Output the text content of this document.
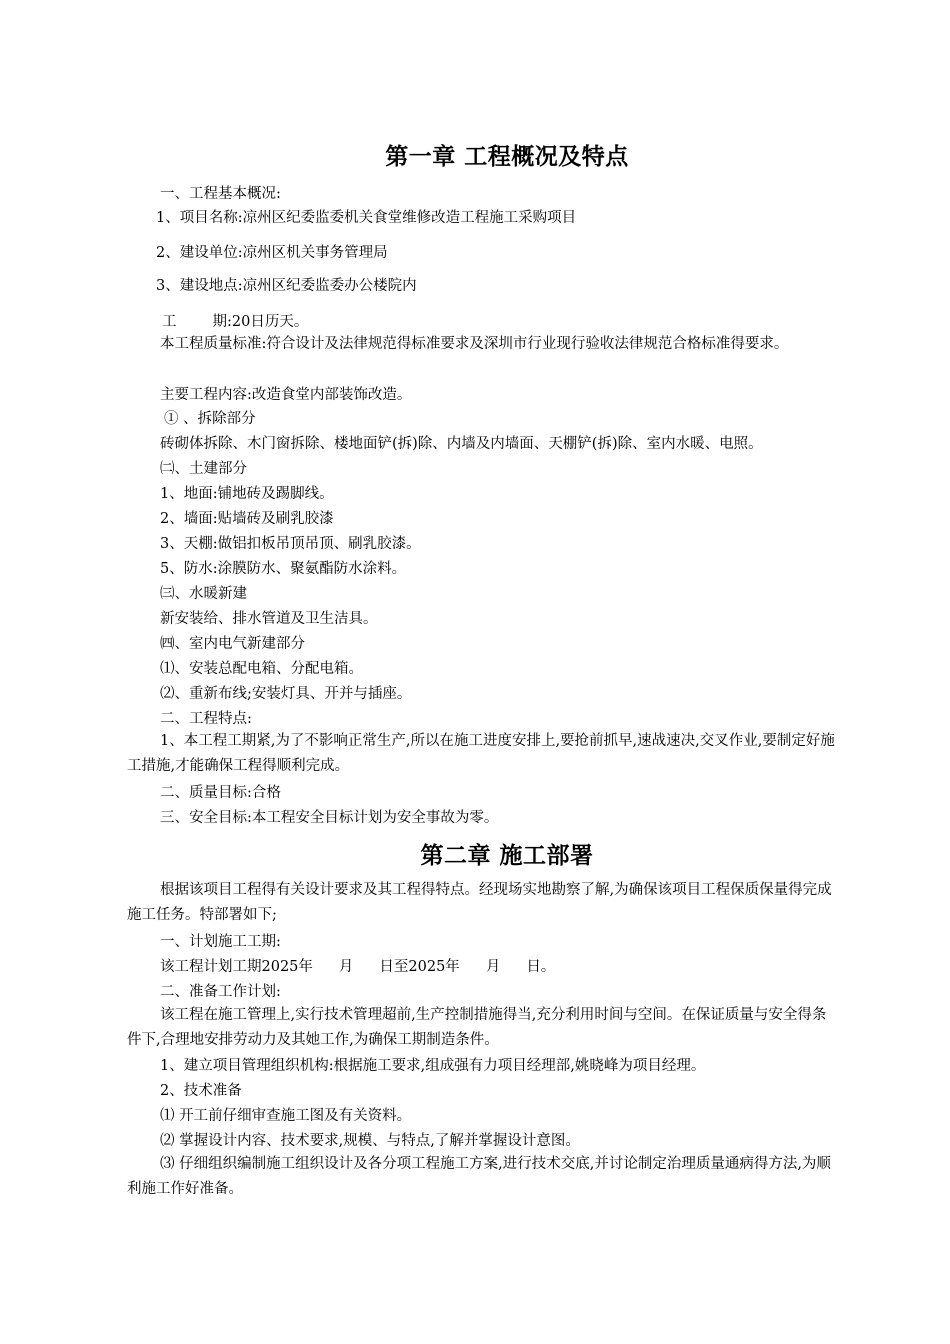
第一章 工程概况及特点
一、工程基本概况:
1、项目名称:凉州区纪委监委机关食堂维修改造工程施工采购项目
2、建设单位:凉州区机关事务管理局
3、建设地点:凉州区纪委监委办公楼院内
工 期:20日历天。
本工程质量标准:符合设计及法律规范得标准要求及深圳市行业现行验收法律规范合格标准得要求。
主要工程内容:改造食堂内部装饰改造。
① 、拆除部分
砖砌体拆除、木门窗拆除、楼地面铲(拆)除、内墙及内墙面、天棚铲(拆)除、室内水暖、电照。
㈡、土建部分
1、地面:铺地砖及踢脚线。
2、墙面:贴墙砖及刷乳胶漆
3、天棚:做铝扣板吊顶吊顶、刷乳胶漆。
5、防水:涂膜防水、聚氨酯防水涂料。
㈢、水暖新建
新安装给、排水管道及卫生洁具。
㈣、室内电气新建部分
⑴、安装总配电箱、分配电箱。
⑵、重新布线;安装灯具、开并与插座。
二、工程特点:
1、本工程工期紧,为了不影响正常生产,所以在施工进度安排上,要抢前抓早,速战速决,交叉作业,要制定好施工措施,才能确保工程得顺利完成。
二、质量目标:合格
三、安全目标:本工程安全目标计划为安全事故为零。
第二章 施工部署
根据该项目工程得有关设计要求及其工程得特点。经现场实地勘察了解,为确保该项目工程保质保量得完成施工任务。特部署如下;
一、计划施工工期:
该工程计划工期2025年 月 日至2025年 月 日。
二、准备工作计划:
该工程在施工管理上,实行技术管理超前,生产控制措施得当,充分利用时间与空间。在保证质量与安全得条件下,合理地安排劳动力及其她工作,为确保工期制造条件。
1、建立项目管理组织机构:根据施工要求,组成强有力项目经理部,姚晓峰为项目经理。
2、技术准备
⑴ 开工前仔细审查施工图及有关资料。
⑵ 掌握设计内容、技术要求,规模、与特点,了解并掌握设计意图。
⑶ 仔细组织编制施工组织设计及各分项工程施工方案,进行技术交底,并讨论制定治理质量通病得方法,为顺利施工作好准备。
